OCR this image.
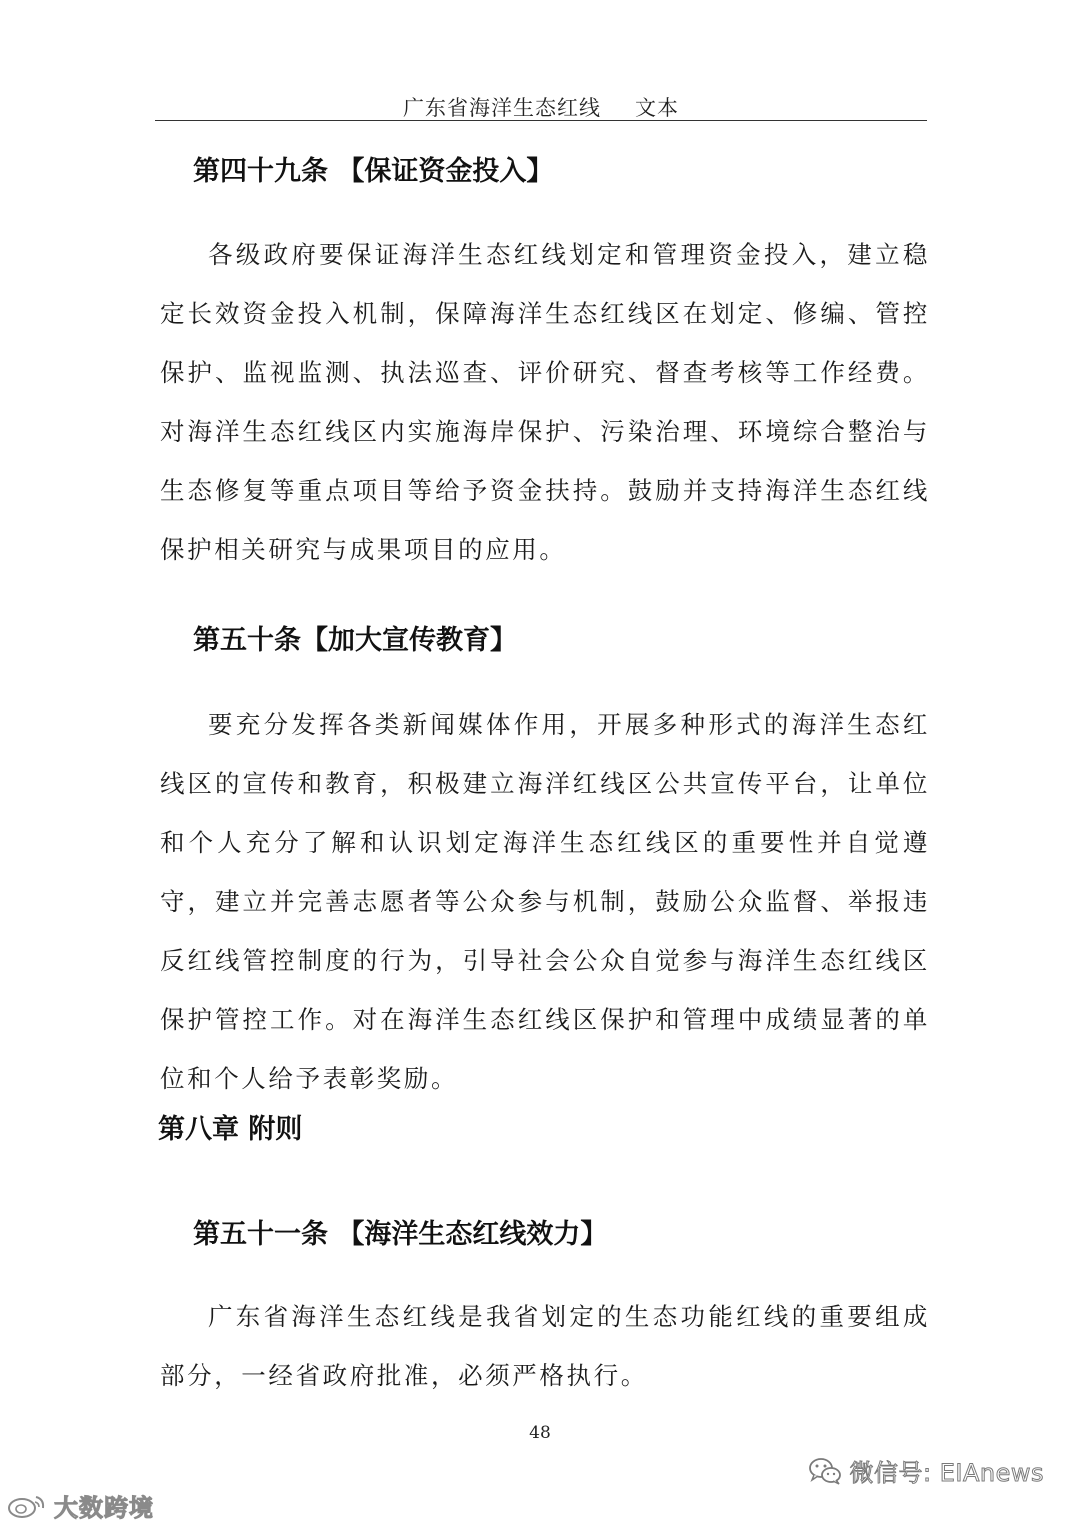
广东省海洋生态红线 文本
第四十九条 【保证资金投入】
各级政府要保证海洋生态红线划定和管理资金投入，建立稳定长效资金投入机制，保障海洋生态红线区在划定、修编、管控保护、监视监测、执法巡查、评价研究、督查考核等工作经费。对海洋生态红线区内实施海岸保护、污染治理、环境综合整治与生态修复等重点项目等给予资金扶持。鼓励并支持海洋生态红线保护相关研究与成果项目的应用。
第五十条【加大宣传教育】
要充分发挥各类新闻媒体作用，开展多种形式的海洋生态红线区的宣传和教育，积极建立海洋红线区公共宣传平台，让单位和个人充分了解和认识划定海洋生态红线区的重要性并自觉遵守，建立并完善志愿者等公众参与机制，鼓励公众监督、举报违反红线管控制度的行为，引导社会公众自觉参与海洋生态红线区保护管控工作。对在海洋生态红线区保护和管理中成绩显著的单位和个人给予表彰奖励。
第八章 附则
第五十一条 【海洋生态红线效力】
广东省海洋生态红线是我省划定的生态功能红线的重要组成部分，一经省政府批准，必须严格执行。
48
大数跨境
微信号: EIAnews
